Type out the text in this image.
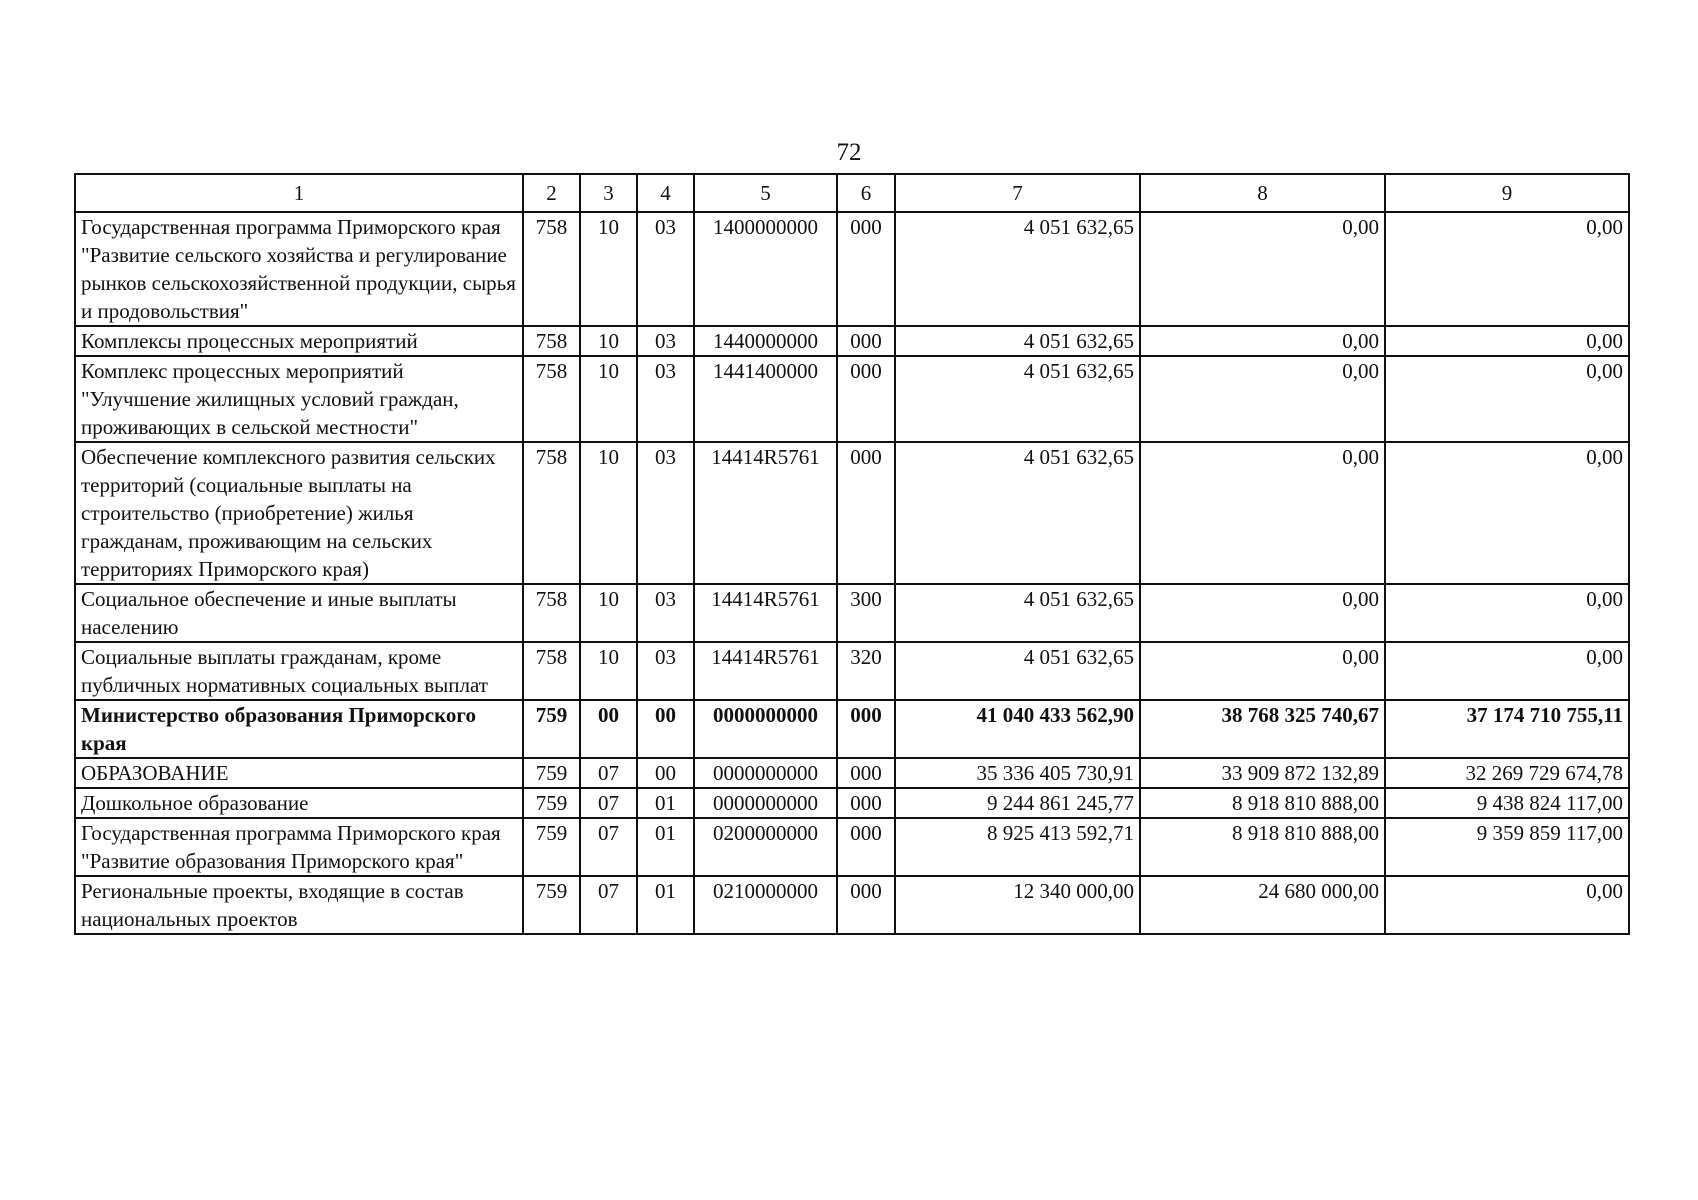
72
1	2	3	4	5	6	7	8	9
Государственная программа Приморского края "Развитие сельского хозяйства и регулирование рынков сельскохозяйственной продукции, сырья и продовольствия"	758	10	03	1400000000	000	4 051 632,65	0,00	0,00
Комплексы процессных мероприятий	758	10	03	1440000000	000	4 051 632,65	0,00	0,00
Комплекс процессных мероприятий "Улучшение жилищных условий граждан, проживающих в сельской местности"	758	10	03	1441400000	000	4 051 632,65	0,00	0,00
Обеспечение комплексного развития сельских территорий (социальные выплаты на строительство (приобретение) жилья гражданам, проживающим на сельских территориях Приморского края)	758	10	03	14414R5761	000	4 051 632,65	0,00	0,00
Социальное обеспечение и иные выплаты населению	758	10	03	14414R5761	300	4 051 632,65	0,00	0,00
Социальные выплаты гражданам, кроме публичных нормативных социальных выплат	758	10	03	14414R5761	320	4 051 632,65	0,00	0,00
Министерство образования Приморского края	759	00	00	0000000000	000	41 040 433 562,90	38 768 325 740,67	37 174 710 755,11
ОБРАЗОВАНИЕ	759	07	00	0000000000	000	35 336 405 730,91	33 909 872 132,89	32 269 729 674,78
Дошкольное образование	759	07	01	0000000000	000	9 244 861 245,77	8 918 810 888,00	9 438 824 117,00
Государственная программа Приморского края "Развитие образования Приморского края"	759	07	01	0200000000	000	8 925 413 592,71	8 918 810 888,00	9 359 859 117,00
Региональные проекты, входящие в состав национальных проектов	759	07	01	0210000000	000	12 340 000,00	24 680 000,00	0,00
